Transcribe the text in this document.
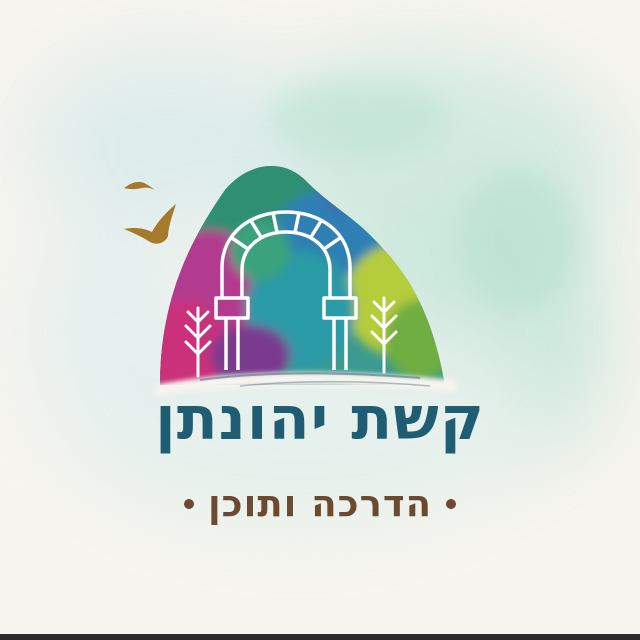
קשת יהונתן
הדרכה ותוכן
